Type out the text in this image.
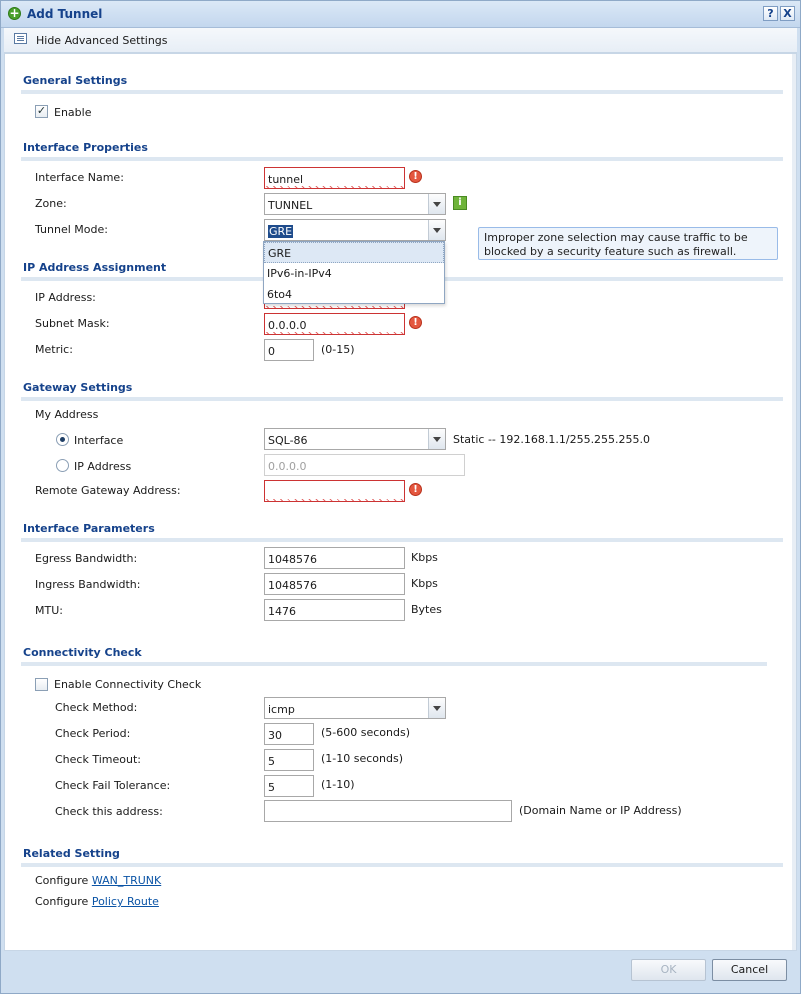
+ Add Tunnel	? X
Hide Advanced Settings
General Settings
✓ Enable
Interface Properties
Interface Name:	tunnel	!
Zone:	TUNNEL	i
Tunnel Mode:	GRE	Improper zone selection may cause traffic to be blocked by a security feature such as firewall.
IP Address Assignment
IP Address:
Subnet Mask:	0.0.0.0	!
Metric:	0	(0-15)
GRE
IPv6-in-IPv4
6to4
Gateway Settings
My Address
Interface	SQL-86	Static -- 192.168.1.1/255.255.255.0
IP Address	0.0.0.0
Remote Gateway Address:	!
Interface Parameters
Egress Bandwidth:	1048576	Kbps
Ingress Bandwidth:	1048576	Kbps
MTU:	1476	Bytes
Connectivity Check
Enable Connectivity Check
Check Method:	icmp
Check Period:	30	(5-600 seconds)
Check Timeout:	5	(1-10 seconds)
Check Fail Tolerance:	5	(1-10)
Check this address:	(Domain Name or IP Address)
Related Setting
Configure WAN_TRUNK
Configure Policy Route
OK	Cancel
